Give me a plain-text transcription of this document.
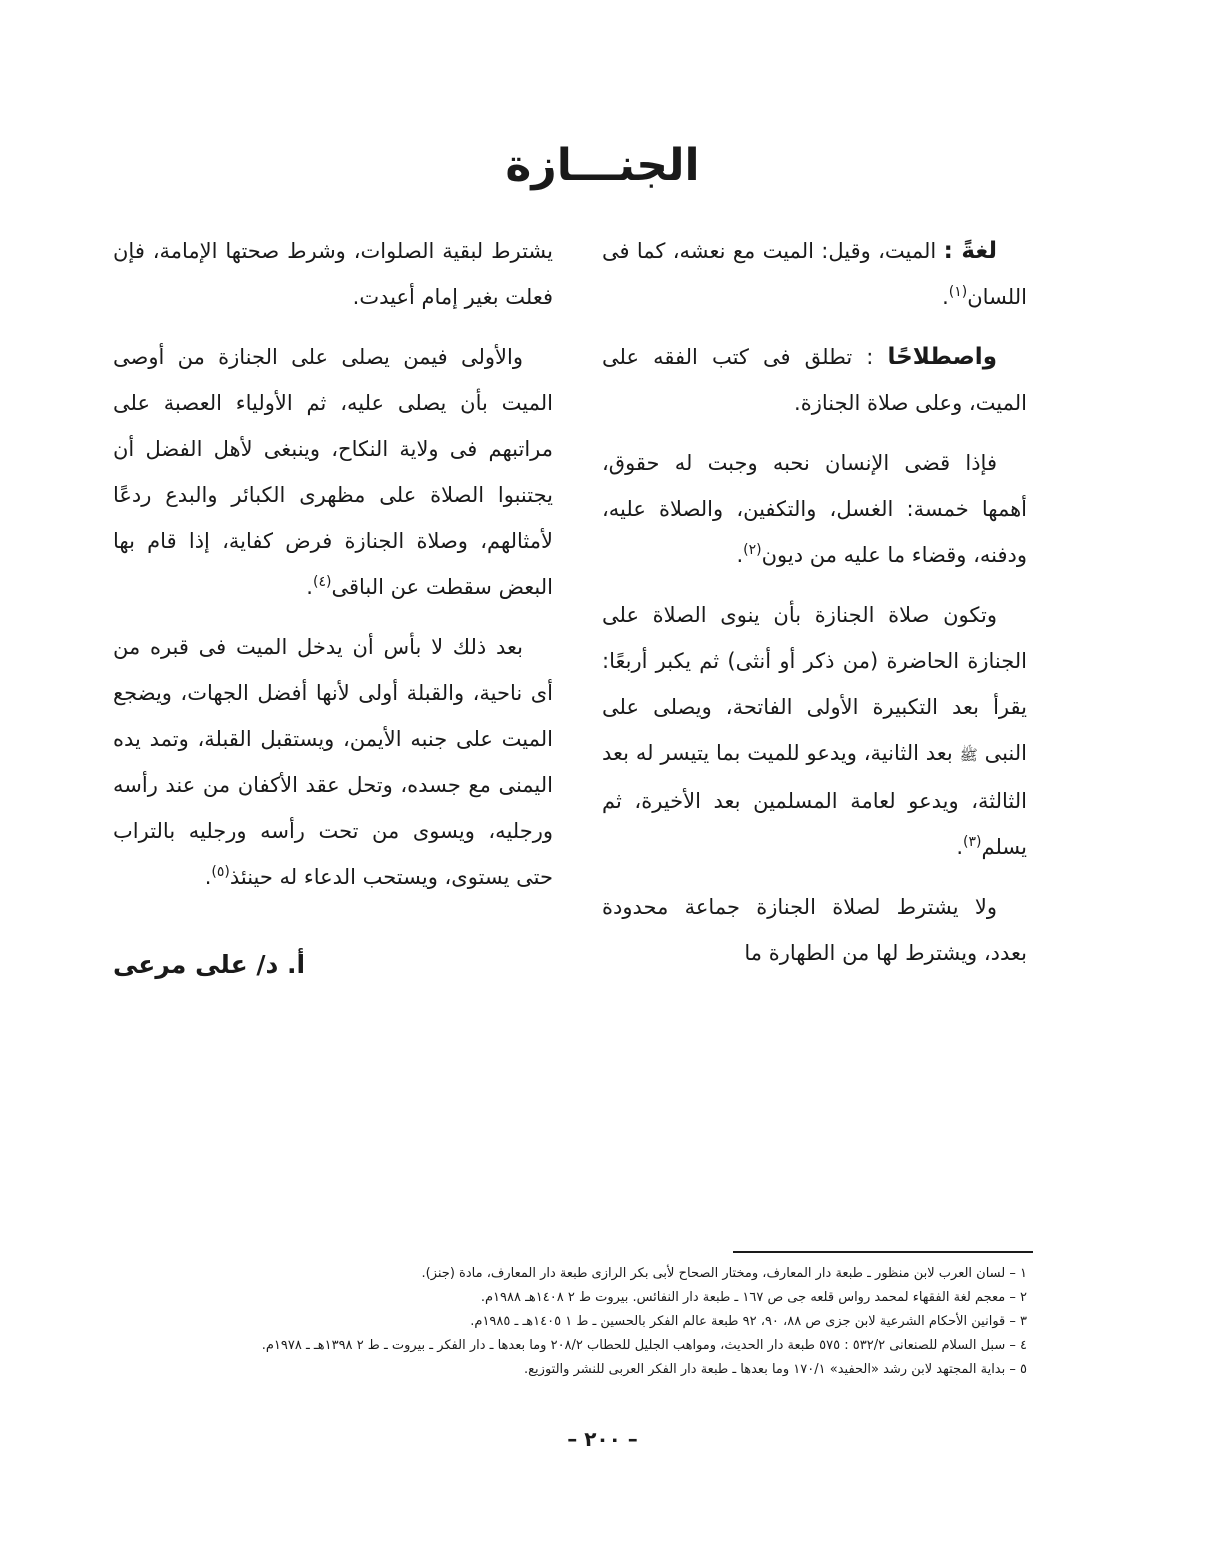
الجنـــازة

لغةً : الميت، وقيل: الميت مع نعشه، كما فى اللسان$^{(١)}$.

واصطلاحًا : تطلق فى كتب الفقه على الميت، وعلى صلاة الجنازة.

فإذا قضى الإنسان نحبه وجبت له حقوق، أهمها خمسة: الغسل، والتكفين، والصلاة عليه، ودفنه، وقضاء ما عليه من ديون$^{(٢)}$.

وتكون صلاة الجنازة بأن ينوى الصلاة على الجنازة الحاضرة (من ذكر أو أنثى) ثم يكبر أربعًا: يقرأ بعد التكبيرة الأولى الفاتحة، ويصلى على النبى ﷺ بعد الثانية، ويدعو للميت بما يتيسر له بعد الثالثة، ويدعو لعامة المسلمين بعد الأخيرة، ثم يسلم$^{(٣)}$.

ولا يشترط لصلاة الجنازة جماعة محدودة بعدد، ويشترط لها من الطهارة ما

يشترط لبقية الصلوات، وشرط صحتها الإمامة، فإن فعلت بغير إمام أعيدت.

والأولى فيمن يصلى على الجنازة من أوصى الميت بأن يصلى عليه، ثم الأولياء العصبة على مراتبهم فى ولاية النكاح، وينبغى لأهل الفضل أن يجتنبوا الصلاة على مظهرى الكبائر والبدع ردعًا لأمثالهم، وصلاة الجنازة فرض كفاية، إذا قام بها البعض سقطت عن الباقى$^{(٤)}$.

بعد ذلك لا بأس أن يدخل الميت فى قبره من أى ناحية، والقبلة أولى لأنها أفضل الجهات، ويضجع الميت على جنبه الأيمن، ويستقبل القبلة، وتمد يده اليمنى مع جسده، وتحل عقد الأكفان من عند رأسه ورجليه، ويسوى من تحت رأسه ورجليه بالتراب حتى يستوى، ويستحب الدعاء له حينئذ$^{(٥)}$.

أ. د/ على مرعى

١ – لسان العرب لابن منظور ـ طبعة دار المعارف، ومختار الصحاح لأبى بكر الرازى طبعة دار المعارف، مادة (جنز).
٢ – معجم لغة الفقهاء لمحمد رواس قلعه جى ص ١٦٧ ـ طبعة دار النفائس. بيروت ط ٢ ١٤٠٨هـ ١٩٨٨م.
٣ – قوانين الأحكام الشرعية لابن جزى ص ٨٨، ٩٠، ٩٢ طبعة عالم الفكر بالحسين ـ ط ١ ١٤٠٥هـ ـ ١٩٨٥م.
٤ – سبل السلام للصنعانى ٥٣٢/٢ : ٥٧٥ طبعة دار الحديث، ومواهب الجليل للحطاب ٢٠٨/٢ وما بعدها ـ دار الفكر ـ بيروت ـ ط ٢ ١٣٩٨هـ ـ ١٩٧٨م.
٥ – بداية المجتهد لابن رشد «الحفيد» ١٧٠/١ وما بعدها ـ طبعة دار الفكر العربى للنشر والتوزيع.

– ٢٠٠ –
